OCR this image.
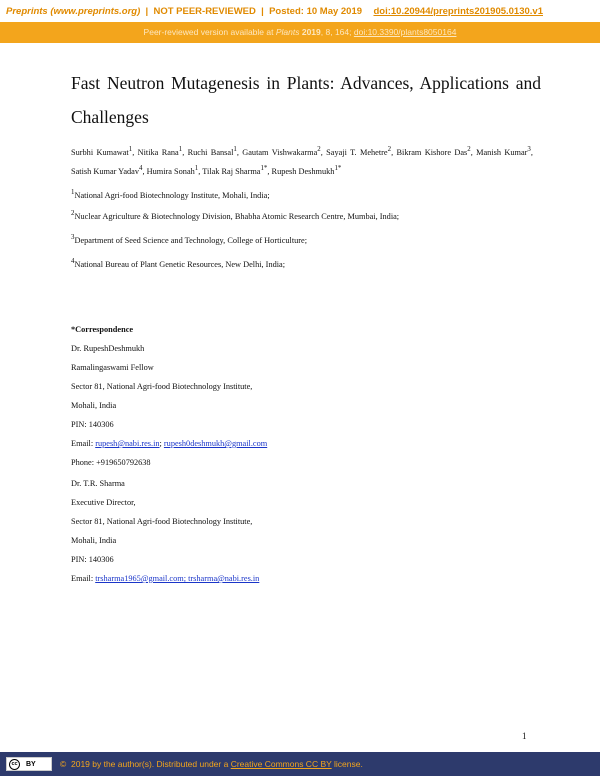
Preprints (www.preprints.org)  |  NOT PEER-REVIEWED  |  Posted: 10 May 2019 doi:10.20944/preprints201905.0130.v1
Peer-reviewed version available at Plants 2019, 8, 164; doi:10.3390/plants8050164
Fast Neutron Mutagenesis in Plants: Advances, Applications and Challenges
Surbhi Kumawat$^1$, Nitika Rana$^1$, Ruchi Bansal$^1$, Gautam Vishwakarma$^2$, Sayaji T. Mehetre$^2$, Bikram Kishore Das$^2$, Manish Kumar$^3$, Satish Kumar Yadav$^4$, Humira Sonah$^1$, Tilak Raj Sharma$^{1*}$, Rupesh Deshmukh$^{1*}$
$^1$National Agri-food Biotechnology Institute, Mohali, India;
$^2$Nuclear Agriculture & Biotechnology Division, Bhabha Atomic Research Centre, Mumbai, India;
$^3$Department of Seed Science and Technology, College of Horticulture;
$^4$National Bureau of Plant Genetic Resources, New Delhi, India;
*Correspondence
Dr. RupeshDeshmukh
Ramalingaswami Fellow
Sector 81, National Agri-food Biotechnology Institute,
Mohali, India
PIN: 140306
Email: rupesh@nabi.res.in; rupesh0deshmukh@gmail.com
Phone: +919650792638
Dr. T.R. Sharma
Executive Director,
Sector 81, National Agri-food Biotechnology Institute,
Mohali, India
PIN: 140306
Email: trsharma1965@gmail.com; trsharma@nabi.res.in
1
cc	BY	©  2019 by the author(s). Distributed under a Creative Commons CC BY license.
